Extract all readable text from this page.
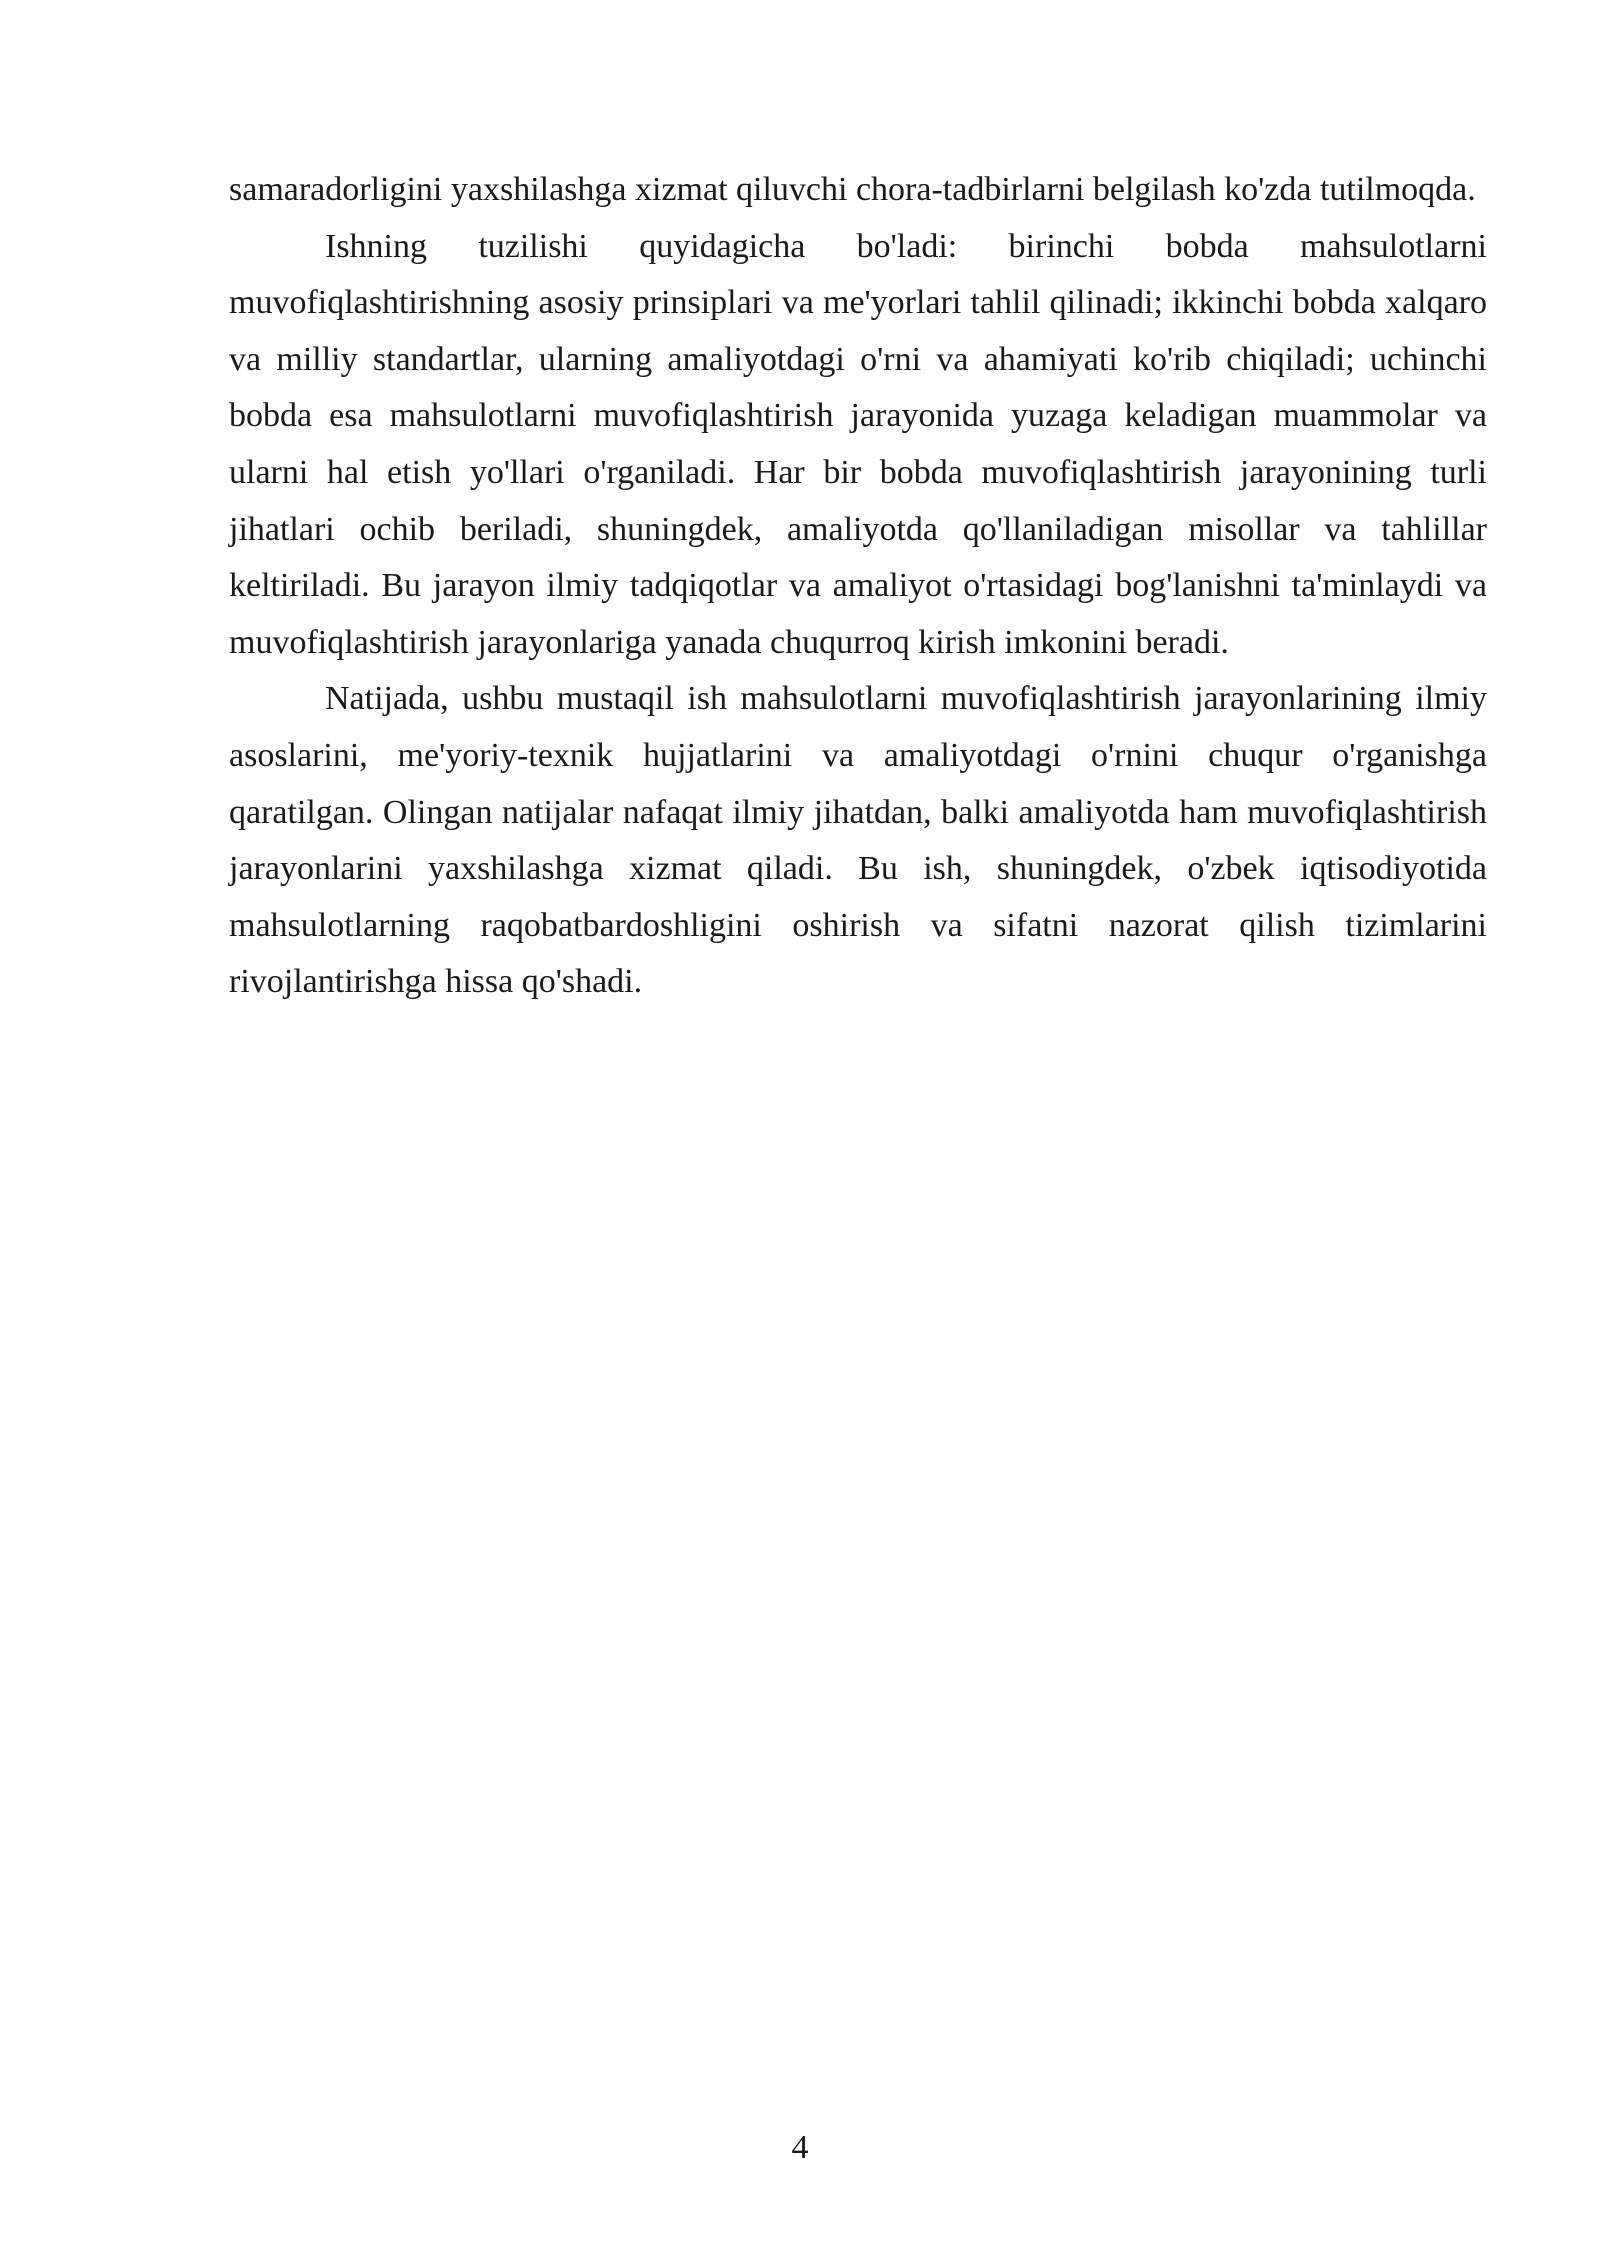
samaradorligini yaxshilashga xizmat qiluvchi chora-tadbirlarni belgilash ko'zda tutilmoqda.

Ishning tuzilishi quyidagicha bo'ladi: birinchi bobda mahsulotlarni muvofiqlashtirishning asosiy prinsiplari va me'yorlari tahlil qilinadi; ikkinchi bobda xalqaro va milliy standartlar, ularning amaliyotdagi o'rni va ahamiyati ko'rib chiqiladi; uchinchi bobda esa mahsulotlarni muvofiqlashtirish jarayonida yuzaga keladigan muammolar va ularni hal etish yo'llari o'rganiladi. Har bir bobda muvofiqlashtirish jarayonining turli jihatlari ochib beriladi, shuningdek, amaliyotda qo'llaniladigan misollar va tahlillar keltiriladi. Bu jarayon ilmiy tadqiqotlar va amaliyot o'rtasidagi bog'lanishni ta'minlaydi va muvofiqlashtirish jarayonlariga yanada chuqurroq kirish imkonini beradi.

Natijada, ushbu mustaqil ish mahsulotlarni muvofiqlashtirish jarayonlarining ilmiy asoslarini, me'yoriy-texnik hujjatlarini va amaliyotdagi o'rnini chuqur o'rganishga qaratilgan. Olingan natijalar nafaqat ilmiy jihatdan, balki amaliyotda ham muvofiqlashtirish jarayonlarini yaxshilashga xizmat qiladi. Bu ish, shuningdek, o'zbek iqtisodiyotida mahsulotlarning raqobatbardoshligini oshirish va sifatni nazorat qilish tizimlarini rivojlantirishga hissa qo'shadi.

4
